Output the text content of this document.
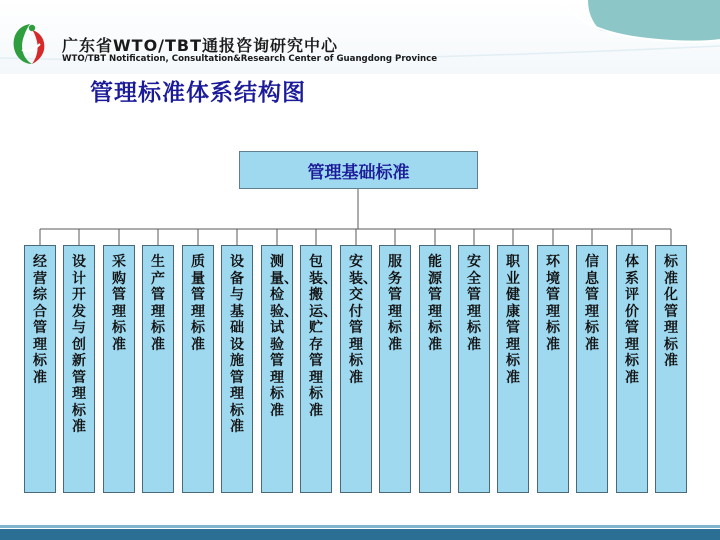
广东省WTO/TBT通报咨询研究中心
WTO/TBT Notification, Consultation&Research Center of Guangdong Province
管理标准体系结构图
管理基础标准
经营综合管理标准
设计开发与创新管理标准
采购管理标准
生产管理标准
质量管理标准
设备与基础设施管理标准
测量、检验、试验管理标准
包装、搬运、贮存管理标准
安装、交付管理标准
服务管理标准
能源管理标准
安全管理标准
职业健康管理标准
环境管理标准
信息管理标准
体系评价管理标准
标准化管理标准
